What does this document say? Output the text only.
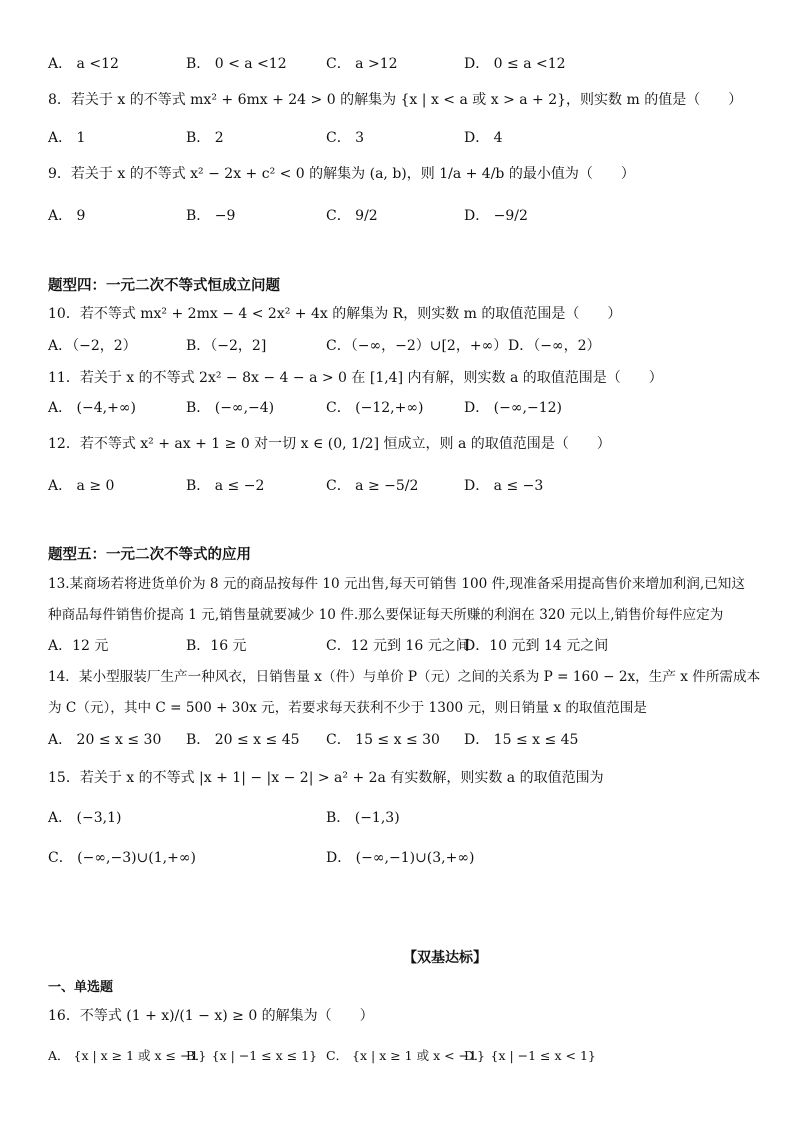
A． a <12	B． 0 < a <12	C． a >12	D． 0 ≤ a <12
8．若关于 x 的不等式 mx² + 6mx + 24 > 0 的解集为 {x | x < a 或 x > a + 2}，则实数 m 的值是（　　）
A． 1	B． 2	C． 3	D． 4
9．若关于 x 的不等式 x² − 2x + c² < 0 的解集为 (a, b)，则 1/a + 4/b 的最小值为（　　）
A． 9	B． −9	C． 9/2	D． −9/2
题型四：一元二次不等式恒成立问题
10．若不等式 mx² + 2mx − 4 < 2x² + 4x 的解集为 R，则实数 m 的取值范围是（　　）
A．（−2，2）	B．（−2，2]	C．（−∞，−2）∪[2，+∞） D．（−∞，2）
11．若关于 x 的不等式 2x² − 8x − 4 − a > 0 在 [1,4] 内有解，则实数 a 的取值范围是（　　）
A． (−4,+∞)	B． (−∞,−4)	C． (−12,+∞)	D． (−∞,−12)
12．若不等式 x² + ax + 1 ≥ 0 对一切 x ∈ (0, 1/2] 恒成立，则 a 的取值范围是（　　）
A． a ≥ 0	B． a ≤ −2	C． a ≥ −5/2	D． a ≤ −3
题型五：一元二次不等式的应用
13.某商场若将进货单价为 8 元的商品按每件 10 元出售,每天可销售 100 件,现准备采用提高售价来增加利润,已知这
种商品每件销售价提高 1 元,销售量就要减少 10 件.那么要保证每天所赚的利润在 320 元以上,销售价每件应定为
A．12 元	B．16 元	C．12 元到 16 元之间
D．10 元到 14 元之间
14．某小型服装厂生产一种风衣，日销售量 x（件）与单价 P（元）之间的关系为 P = 160 − 2x，生产 x 件所需成本
为 C（元），其中 C = 500 + 30x 元，若要求每天获利不少于 1300 元，则日销量 x 的取值范围是
A． 20 ≤ x ≤ 30 B． 20 ≤ x ≤ 45 C． 15 ≤ x ≤ 30 D． 15 ≤ x ≤ 45
15．若关于 x 的不等式 |x + 1| − |x − 2| > a² + 2a 有实数解，则实数 a 的取值范围为
A． (−3,1)	B． (−1,3)
C． (−∞,−3)∪(1,+∞)	D． (−∞,−1)∪(3,+∞)
【双基达标】
一、单选题
16．不等式 (1 + x)/(1 − x) ≥ 0 的解集为（　　）
A． {x | x ≥ 1 或 x ≤ −1}
B． {x | −1 ≤ x ≤ 1} C． {x | x ≥ 1 或 x < −1}
D． {x | −1 ≤ x < 1}
